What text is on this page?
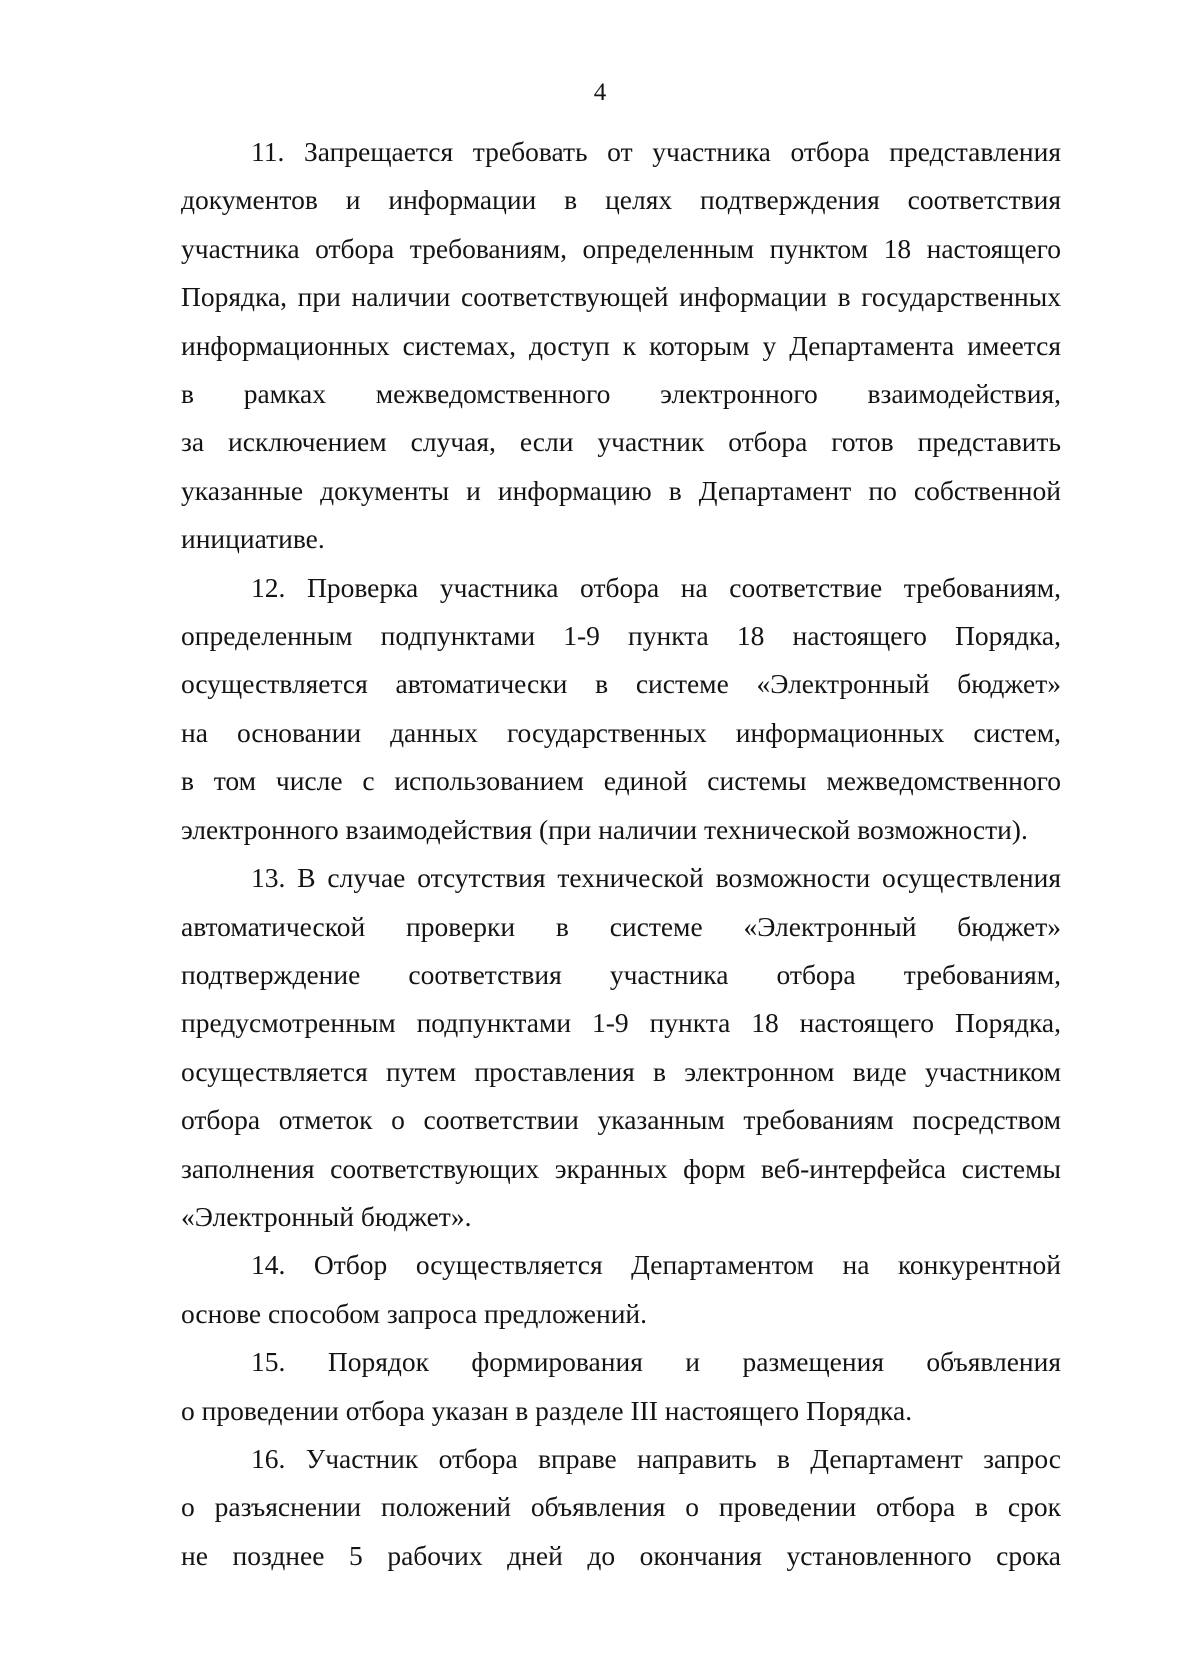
4
11. Запрещается требовать от участника отбора представления
документов и информации в целях подтверждения соответствия
участника отбора требованиям, определенным пунктом 18 настоящего
Порядка, при наличии соответствующей информации в государственных
информационных системах, доступ к которым у Департамента имеется
в рамках межведомственного электронного взаимодействия,
за исключением случая, если участник отбора готов представить
указанные документы и информацию в Департамент по собственной
инициативе.
12. Проверка участника отбора на соответствие требованиям,
определенным подпунктами 1-9 пункта 18 настоящего Порядка,
осуществляется автоматически в системе «Электронный бюджет»
на основании данных государственных информационных систем,
в том числе с использованием единой системы межведомственного
электронного взаимодействия (при наличии технической возможности).
13. В случае отсутствия технической возможности осуществления
автоматической проверки в системе «Электронный бюджет»
подтверждение соответствия участника отбора требованиям,
предусмотренным подпунктами 1-9 пункта 18 настоящего Порядка,
осуществляется путем проставления в электронном виде участником
отбора отметок о соответствии указанным требованиям посредством
заполнения соответствующих экранных форм веб-интерфейса системы
«Электронный бюджет».
14. Отбор осуществляется Департаментом на конкурентной
основе способом запроса предложений.
15. Порядок формирования и размещения объявления
о проведении отбора указан в разделе III настоящего Порядка.
16. Участник отбора вправе направить в Департамент запрос
о разъяснении положений объявления о проведении отбора в срок
не позднее 5 рабочих дней до окончания установленного срока
